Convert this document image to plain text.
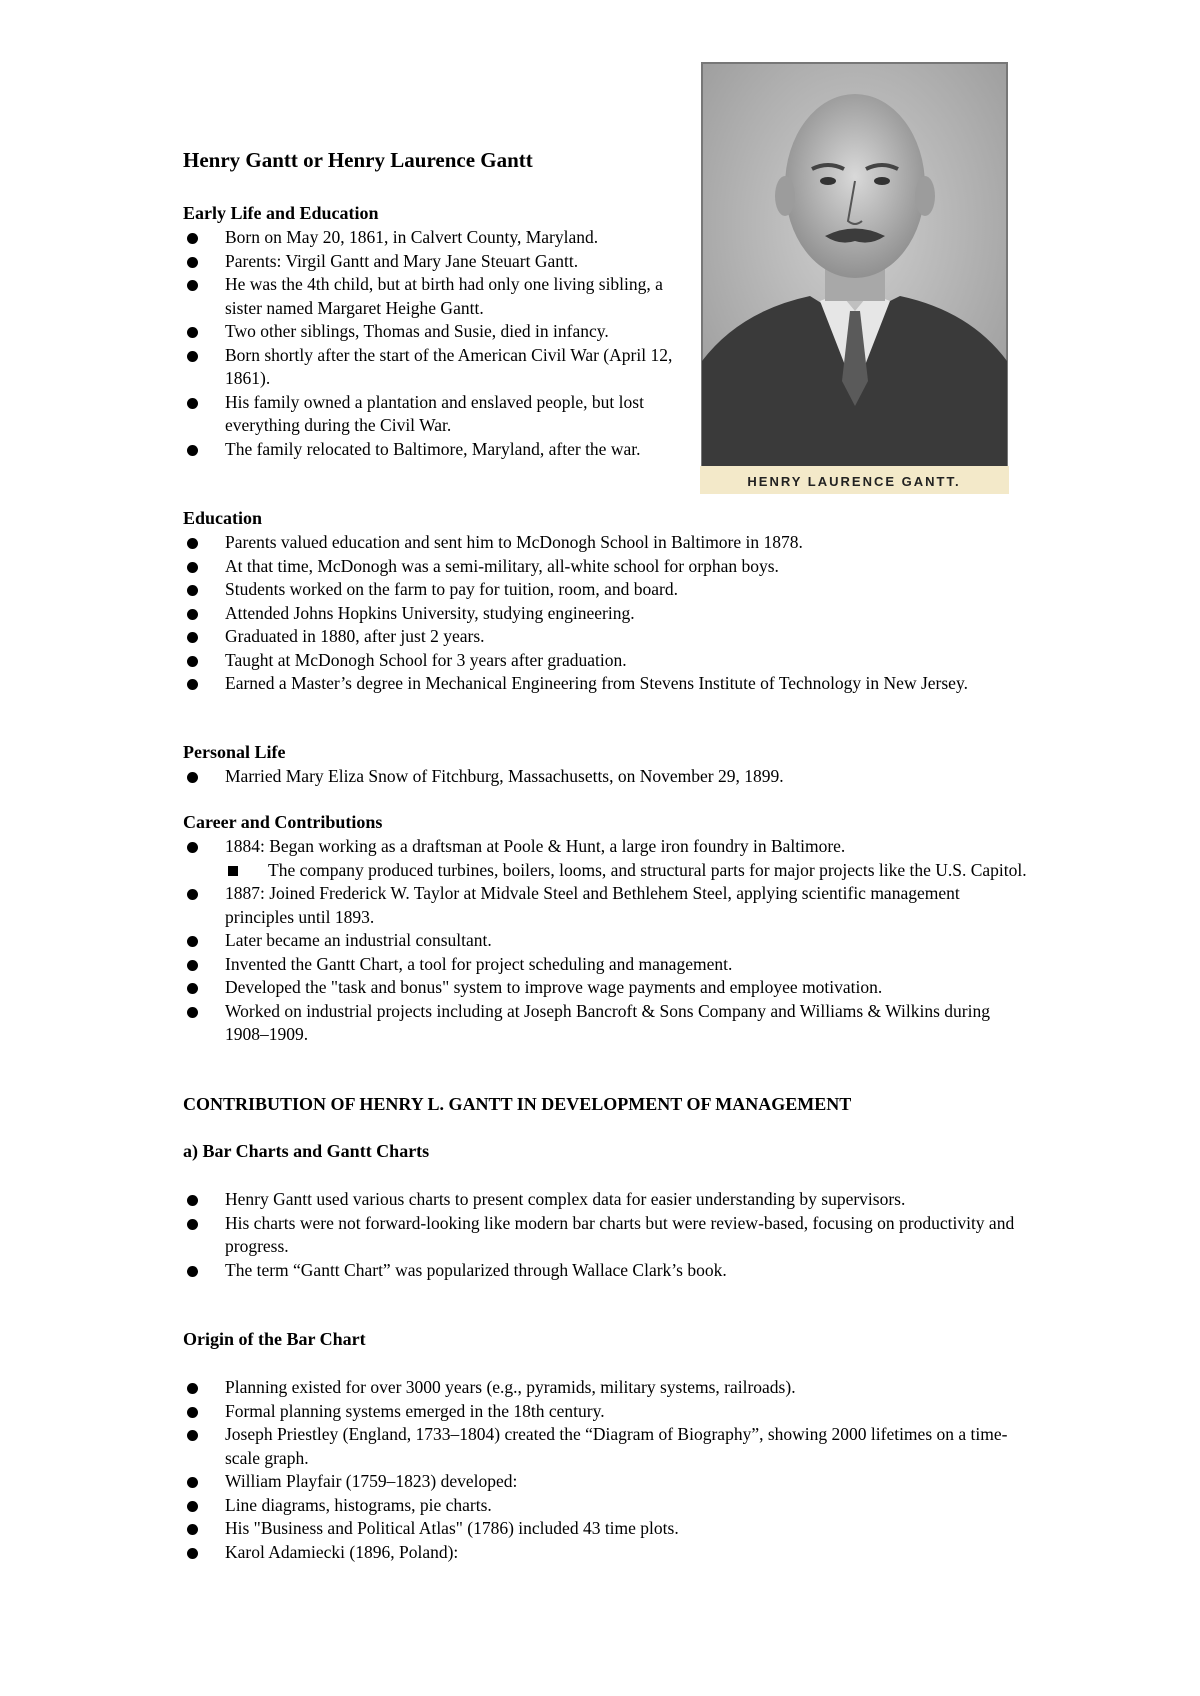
Henry Gantt or Henry Laurence Gantt
HENRY LAURENCE GANTT.
Early Life and Education
Born on May 20, 1861, in Calvert County, Maryland.
Parents: Virgil Gantt and Mary Jane Steuart Gantt.
He was the 4th child, but at birth had only one living sibling, a sister named Margaret Heighe Gantt.
Two other siblings, Thomas and Susie, died in infancy.
Born shortly after the start of the American Civil War (April 12, 1861).
His family owned a plantation and enslaved people, but lost everything during the Civil War.
The family relocated to Baltimore, Maryland, after the war.
Education
Parents valued education and sent him to McDonogh School in Baltimore in 1878.
At that time, McDonogh was a semi-military, all-white school for orphan boys.
Students worked on the farm to pay for tuition, room, and board.
Attended Johns Hopkins University, studying engineering.
Graduated in 1880, after just 2 years.
Taught at McDonogh School for 3 years after graduation.
Earned a Master’s degree in Mechanical Engineering from Stevens Institute of Technology in New Jersey.
Personal Life
Married Mary Eliza Snow of Fitchburg, Massachusetts, on November 29, 1899.
Career and Contributions
1884: Began working as a draftsman at Poole & Hunt, a large iron foundry in Baltimore.
The company produced turbines, boilers, looms, and structural parts for major projects like the U.S. Capitol.
1887: Joined Frederick W. Taylor at Midvale Steel and Bethlehem Steel, applying scientific management principles until 1893.
Later became an industrial consultant.
Invented the Gantt Chart, a tool for project scheduling and management.
Developed the "task and bonus" system to improve wage payments and employee motivation.
Worked on industrial projects including at Joseph Bancroft & Sons Company and Williams & Wilkins during 1908–1909.
CONTRIBUTION OF HENRY L. GANTT IN DEVELOPMENT OF MANAGEMENT
a) Bar Charts and Gantt Charts
Henry Gantt used various charts to present complex data for easier understanding by supervisors.
His charts were not forward-looking like modern bar charts but were review-based, focusing on productivity and progress.
The term “Gantt Chart” was popularized through Wallace Clark’s book.
Origin of the Bar Chart
Planning existed for over 3000 years (e.g., pyramids, military systems, railroads).
Formal planning systems emerged in the 18th century.
Joseph Priestley (England, 1733–1804) created the “Diagram of Biography”, showing 2000 lifetimes on a time-scale graph.
William Playfair (1759–1823) developed:
Line diagrams, histograms, pie charts.
His "Business and Political Atlas" (1786) included 43 time plots.
Karol Adamiecki (1896, Poland):
